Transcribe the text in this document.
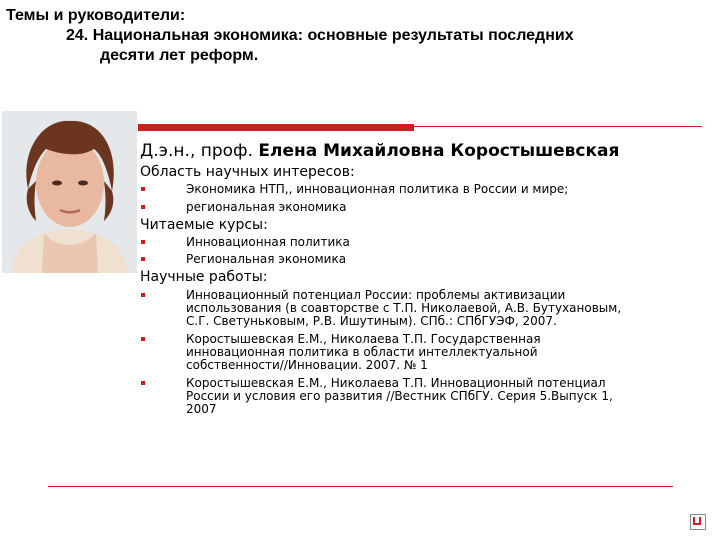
Темы и руководители:
24. Национальная экономика: основные результаты последних
десяти лет реформ.
Д.э.н., проф. Елена Михайловна Коростышевская
Область научных интересов:
Экономика НТП,, инновационная политика в России и мире;
региональная экономика
Читаемые курсы:
Инновационная политика
Региональная экономика
Научные работы:
Инновационный потенциал России: проблемы активизации
использования (в соавторстве с Т.П. Николаевой, А.В. Бутухановым,
С.Г. Светуньковым, Р.В. Ишутиным). СПб.: СПбГУЭФ, 2007.
Коростышевская Е.М., Николаева Т.П. Государственная
инновационная политика в области интеллектуальной
собственности//Инновации. 2007. № 1
Коростышевская Е.М., Николаева Т.П. Инновационный потенциал
России и условия его развития //Вестник СПбГУ. Серия 5.Выпуск 1,
2007
